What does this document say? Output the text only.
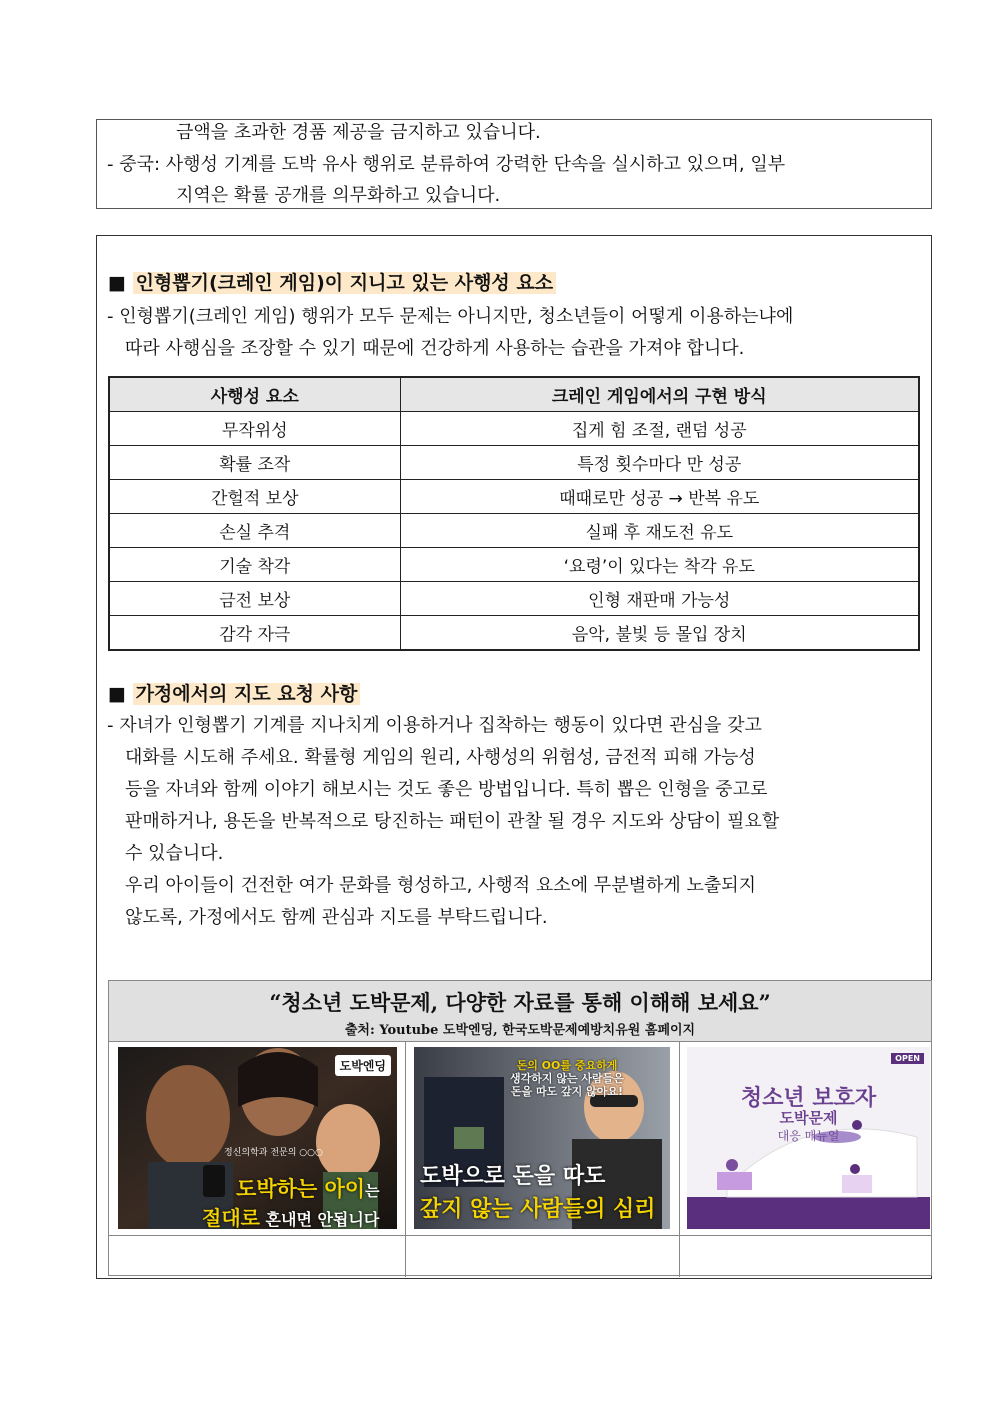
금액을 초과한 경품 제공을 금지하고 있습니다.
- 중국: 사행성 기계를 도박 유사 행위로 분류하여 강력한 단속을 실시하고 있으며, 일부
지역은 확률 공개를 의무화하고 있습니다.
■ 인형뽑기(크레인 게임)이 지니고 있는 사행성 요소
- 인형뽑기(크레인 게임) 행위가 모두 문제는 아니지만, 청소년들이 어떻게 이용하는냐에
따라 사행심을 조장할 수 있기 때문에 건강하게 사용하는 습관을 가져야 합니다.
사행성 요소	크레인 게임에서의 구현 방식
무작위성	집게 힘 조절, 랜덤 성공
확률 조작	특정 횟수마다 만 성공
간헐적 보상	때때로만 성공 → 반복 유도
손실 추격	실패 후 재도전 유도
기술 착각	‘요령’이 있다는 착각 유도
금전 보상	인형 재판매 가능성
감각 자극	음악, 불빛 등 몰입 장치
■ 가정에서의 지도 요청 사항
- 자녀가 인형뽑기 기계를 지나치게 이용하거나 집착하는 행동이 있다면 관심을 갖고
대화를 시도해 주세요. 확률형 게임의 원리, 사행성의 위험성, 금전적 피해 가능성
등을 자녀와 함께 이야기 해보시는 것도 좋은 방법입니다. 특히 뽑은 인형을 중고로
판매하거나, 용돈을 반복적으로 탕진하는 패턴이 관찰 될 경우 지도와 상담이 필요할
수 있습니다.
우리 아이들이 건전한 여가 문화를 형성하고, 사행적 요소에 무분별하게 노출되지
않도록, 가정에서도 함께 관심과 지도를 부탁드립니다.
“청소년 도박문제, 다양한 자료를 통해 이해해 보세요”
출처: Youtube 도박엔딩, 한국도박문제예방치유원 홈페이지
도박엔딩
정신의학과 전문의 ○○○
도박하는 아이는
절대로 혼내면 안됩니다
돈의 OO를 중요하게
생각하지 않는 사람들은
돈을 따도 갚지 않아요!
도박으로 돈을 따도
갚지 않는 사람들의 심리
OPEN
청소년 보호자
도박문제
대응 매뉴얼
